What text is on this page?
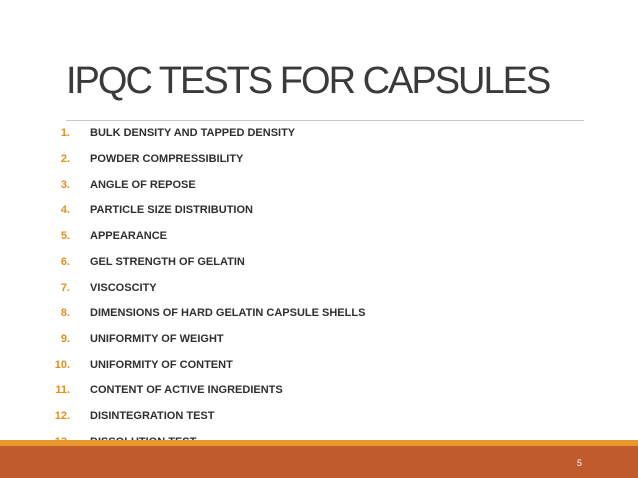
IPQC TESTS FOR CAPSULES
1. BULK DENSITY AND TAPPED DENSITY
2. POWDER COMPRESSIBILITY
3. ANGLE OF REPOSE
4. PARTICLE SIZE DISTRIBUTION
5. APPEARANCE
6. GEL STRENGTH OF GELATIN
7. VISCOSCITY
8. DIMENSIONS OF HARD GELATIN CAPSULE SHELLS
9. UNIFORMITY OF WEIGHT
10. UNIFORMITY OF CONTENT
11. CONTENT OF ACTIVE INGREDIENTS
12. DISINTEGRATION TEST
5
